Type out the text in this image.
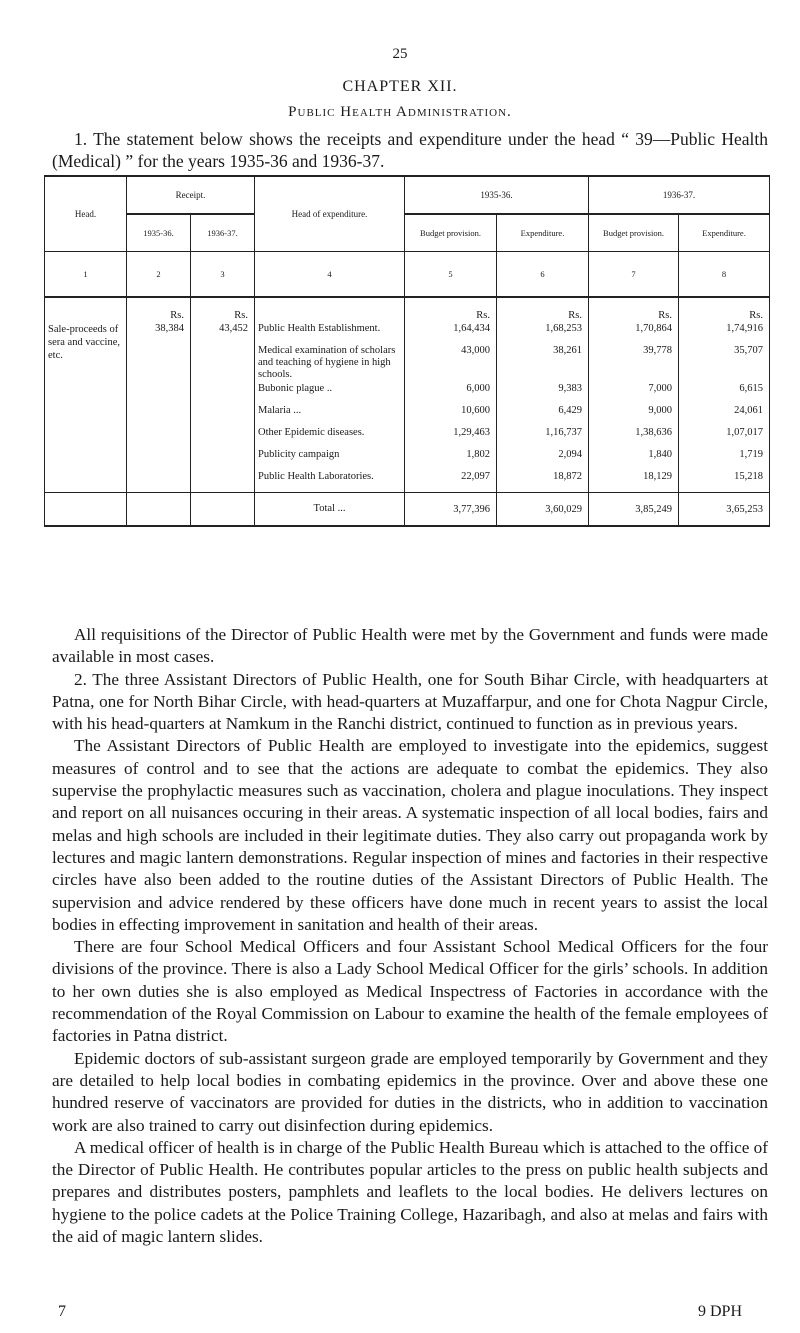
25
CHAPTER XII.
Public Health Administration.

1. The statement below shows the receipts and expenditure under the head “ 39—Public Health (Medical) ” for the years 1935-36 and 1936-37.

Head.	Receipt.		Head of expenditure.	1935-36.		1936-37.	
	1935-36.	1936-37.		Budget provision.	Expenditure.	Budget provision.	Expenditure.
1	2	3	4	5	6	7	8
	Rs.	Rs.		Rs.	Rs.	Rs.	Rs.
Sale-proceeds of sera and vaccine, etc.	38,384	43,452	Public Health Establishment.	1,64,434	1,68,253	1,70,864	1,74,916
			Medical examination of scholars and teaching of hygiene in high schools.	43,000	38,261	39,778	35,707
			Bubonic plague ..	6,000	9,383	7,000	6,615
			Malaria ...	10,600	6,429	9,000	24,061
			Other Epidemic diseases.	1,29,463	1,16,737	1,38,636	1,07,017
			Publicity campaign	1,802	2,094	1,840	1,719
			Public Health Laboratories.	22,097	18,872	18,129	15,218
			Total ...	3,77,396	3,60,029	3,85,249	3,65,253

All requisitions of the Director of Public Health were met by the Government and funds were made available in most cases.

2. The three Assistant Directors of Public Health, one for South Bihar Circle, with headquarters at Patna, one for North Bihar Circle, with head-quarters at Muzaffarpur, and one for Chota Nagpur Circle, with his head-quarters at Namkum in the Ranchi district, continued to function as in previous years.

The Assistant Directors of Public Health are employed to investigate into the epidemics, suggest measures of control and to see that the actions are adequate to combat the epidemics. They also supervise the prophylactic measures such as vaccination, cholera and plague inoculations. They inspect and report on all nuisances occuring in their areas. A systematic inspection of all local bodies, fairs and melas and high schools are included in their legitimate duties. They also carry out propaganda work by lectures and magic lantern demonstrations. Regular inspection of mines and factories in their respective circles have also been added to the routine duties of the Assistant Directors of Public Health. The supervision and advice rendered by these officers have done much in recent years to assist the local bodies in effecting improvement in sanitation and health of their areas.

There are four School Medical Officers and four Assistant School Medical Officers for the four divisions of the province. There is also a Lady School Medical Officer for the girls’ schools. In addition to her own duties she is also employed as Medical Inspectress of Factories in accordance with the recommendation of the Royal Commission on Labour to examine the health of the female employees of factories in Patna district.

Epidemic doctors of sub-assistant surgeon grade are employed temporarily by Government and they are detailed to help local bodies in combating epidemics in the province. Over and above these one hundred reserve of vaccinators are provided for duties in the districts, who in addition to vaccination work are also trained to carry out disinfection during epidemics.

A medical officer of health is in charge of the Public Health Bureau which is attached to the office of the Director of Public Health. He contributes popular articles to the press on public health subjects and prepares and distributes posters, pamphlets and leaflets to the local bodies. He delivers lectures on hygiene to the police cadets at the Police Training College, Hazaribagh, and also at melas and fairs with the aid of magic lantern slides.

7	9 DPH
